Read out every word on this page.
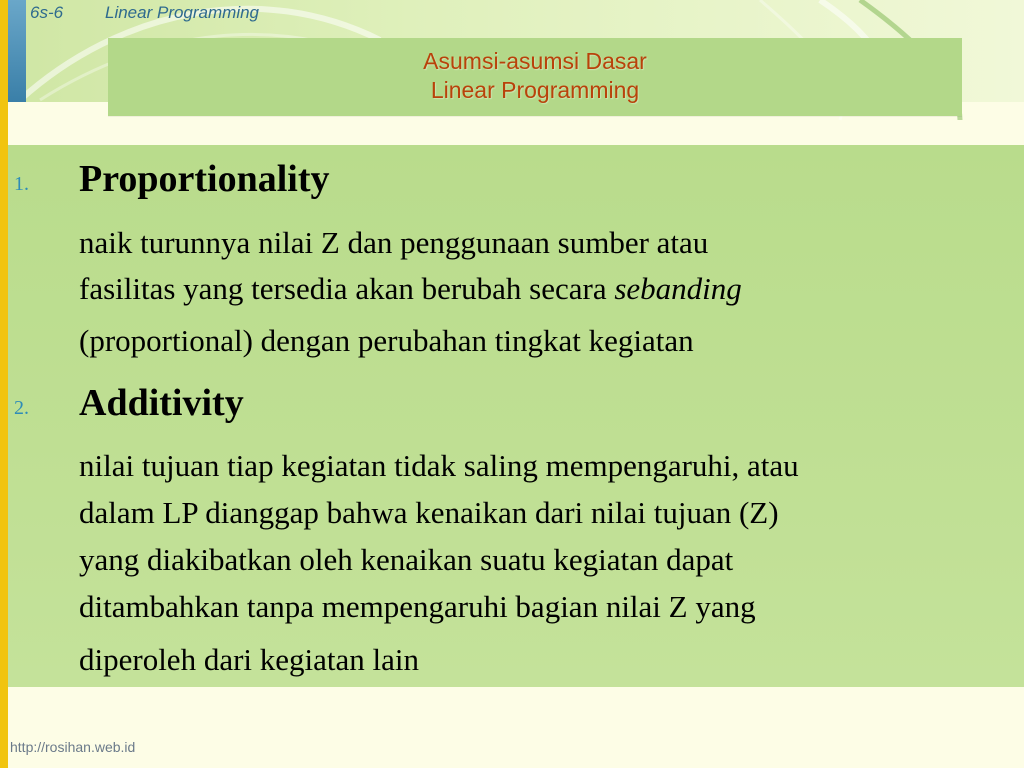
6s-6 Linear Programming
Asumsi-asumsi Dasar
Linear Programming
1. Proportionality
naik turunnya nilai Z dan penggunaan sumber atau
fasilitas yang tersedia akan berubah secara sebanding
(proportional) dengan perubahan tingkat kegiatan
2. Additivity
nilai tujuan tiap kegiatan tidak saling mempengaruhi, atau
dalam LP dianggap bahwa kenaikan dari nilai tujuan (Z)
yang diakibatkan oleh kenaikan suatu kegiatan dapat
ditambahkan tanpa mempengaruhi bagian nilai Z yang
diperoleh dari kegiatan lain
http://rosihan.web.id
